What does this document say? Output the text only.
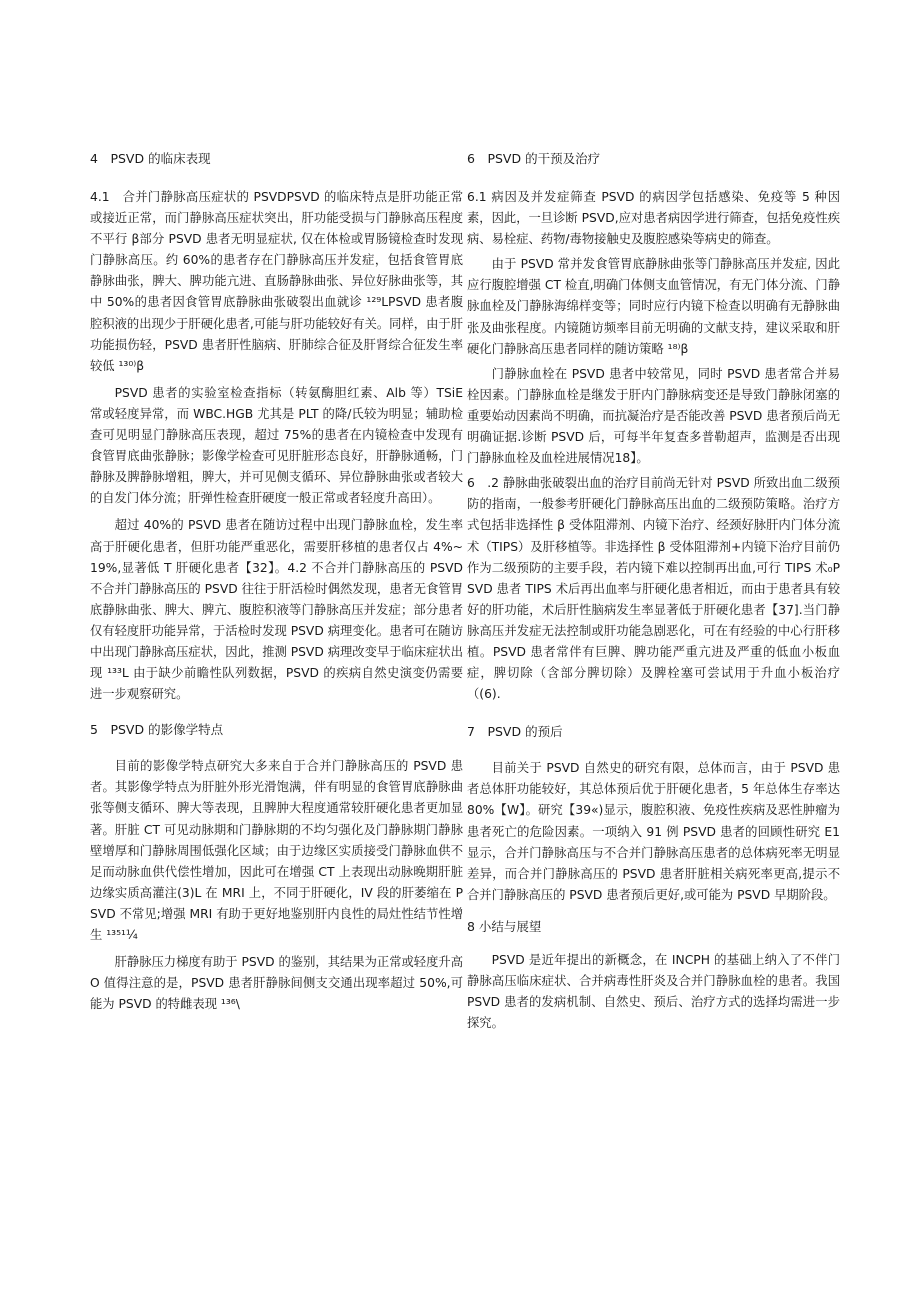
4　PSVD 的临床表现

4.1　合并门静脉高压症状的 PSVDPSVD 的临床特点是肝功能正常或接近正常，而门静脉高压症状突出，肝功能受损与门静脉高压程度不平行 β部分 PSVD 患者无明显症状, 仅在体检或胃肠镜检查时发现门静脉高压。约 60%的患者存在门静脉高压并发症，包括食管胃底静脉曲张，脾大、脾功能亢进、直肠静脉曲张、异位好脉曲张等，其中 50%的患者因食管胃底静脉曲张破裂出血就诊 ¹²⁹LPSVD 患者腹腔积液的出现少于肝硬化患者,可能与肝功能较好有关。同样，由于肝功能损伤轻，PSVD 患者肝性脑病、肝肺综合征及肝肾综合征发生率较低 ¹³⁰⁾β

PSVD 患者的实验室检查指标（转氨酶胆红素、Alb 等）TSiE 常或轻度异常，而 WBC.HGB 尤其是 PLT 的降/氏较为明显；辅助检查可见明显门静脉高压表现，超过 75%的患者在内镜检查中发现有食管胃底曲张静脉；影像学检查可见肝脏形态良好，肝静脉通畅，门静脉及脾静脉增粗，脾大，并可见侧支循环、异位静脉曲张或者较大的自发门体分流；肝弹性检查肝硬度一般正常或者轻度升高田）。

超过 40%的 PSVD 患者在随访过程中出现门静脉血栓，发生率高于肝硬化患者，但肝功能严重恶化，需要肝移植的患者仅占 4%~19%,显著低 T 肝硬化患者【32】。4.2 不合并门静脉高压的 PSVD 不合并门静脉高压的 PSVD 往往于肝活检时偶然发现，患者无食管胃底静脉曲张、脾大、脾亢、腹腔积液等门静脉高压并发症；部分患者仅有轻度肝功能异常，于活检时发现 PSVD 病理变化。患者可在随访中出现门静脉高压症状，因此，推测 PSVD 病理改变早于临床症状出现 ¹³³L 由于缺少前瞻性队列数据，PSVD 的疾病自然史演变仍需要进一步观察研究。

5　PSVD 的影像学特点

目前的影像学特点研究大多来自于合并门静脉高压的 PSVD 患者。其影像学特点为肝脏外形光滑饱满，伴有明显的食管胃底静脉曲张等侧支循环、脾大等表现，且脾肿大程度通常较肝硬化患者更加显著。肝脏 CT 可见动脉期和门静脉期的不均匀强化及门静脉期门静脉壁增厚和门静脉周围低强化区域；由于边缘区实质接受门静脉血供不足而动脉血供代偿性增加，因此可在增强 CT 上表现出动脉晚期肝脏边缘实质高灌注(3)L 在 MRI 上，不同于肝硬化，IV 段的肝萎缩在 PSVD 不常见;增强 MRI 有助于更好地鉴别肝内良性的局灶性结节性增生 ¹³⁵¹¼

肝静脉压力梯度有助于 PSVD 的鉴别，其结果为正常或轻度升高 O 值得注意的是，PSVD 患者肝静脉间侧支交通出现率超过 50%,可能为 PSVD 的特雌表现 ¹³⁶\

6　PSVD 的干预及治疗

6.1 病因及并发症筛查 PSVD 的病因学包括感染、免疫等 5 种因素，因此，一旦诊断 PSVD,应对患者病因学进行筛查，包括免疫性疾病、易栓症、药物/毒物接触史及腹腔感染等病史的筛查。

由于 PSVD 常并发食管胃底静脉曲张等门静脉高压并发症, 因此应行腹腔增强 CT 检直,明确门体侧支血管情况，有无门体分流、门静脉血栓及门静脉海绵样变等；同时应行内镜下检查以明确有无静脉曲张及曲张程度。内镜随访频率目前无明确的文献支持，建议采取和肝硬化门静脉高压患者同样的随访策略 ¹⁸⁾β

门静脉血栓在 PSVD 患者中较常见，同时 PSVD 患者常合并易栓因素。门静脉血栓是继发于肝内门静脉病变还是导致门静脉闭塞的重要始动因素尚不明确，而抗凝治疗是否能改善 PSVD 患者预后尚无明确证据.诊断 PSVD 后，可每半年复查多普勒超声，监测是否出现门静脉血栓及血栓进展情况18】。

6　.2 静脉曲张破裂出血的治疗目前尚无针对 PSVD 所致出血二级预防的指南，一般参考肝硬化门静脉高压出血的二级预防策略。治疗方式包括非选择性 β 受体阻滞剂、内镜下治疗、经颈好脉肝内门体分流术（TIPS）及肝移植等。非选择性 β 受体阻滞剂+内镜下治疗目前仍作为二级预防的主要手段，若内镜下难以控制再出血,可行 TIPS 术₀PSVD 患者 TIPS 术后再出血率与肝硬化患者相近，而由于患者具有较好的肝功能，术后肝性脑病发生率显著低于肝硬化患者【37].当门静脉高压并发症无法控制或肝功能急剧恶化，可在有经验的中心行肝移植。PSVD 患者常伴有巨脾、脾功能严重亢进及严重的低血小板血症，脾切除（含部分脾切除）及脾栓塞可尝试用于升血小板治疗（(6).

7　PSVD 的预后

目前关于 PSVD 自然史的研究有限，总体而言，由于 PSVD 患者总体肝功能较好，其总体预后优于肝硬化患者，5 年总体生存率达 80%【W】。研究【39«)显示，腹腔积液、免疫性疾病及恶性肿瘤为患者死亡的危险因素。一项纳入 91 例 PSVD 患者的回顾性研究 E1 显示，合并门静脉高压与不合并门静脉高压患者的总体病死率无明显差异，而合并门静脉高压的 PSVD 患者肝脏相关病死率更高,提示不合并门静脉高压的 PSVD 患者预后更好,或可能为 PSVD 早期阶段。

8 小结与展望

PSVD 是近年提出的新概念，在 INCPH 的基础上纳入了不伴门静脉高压临床症状、合并病毒性肝炎及合并门静脉血栓的患者。我国 PSVD 患者的发病机制、自然史、预后、治疗方式的选择均需进一步探究。
